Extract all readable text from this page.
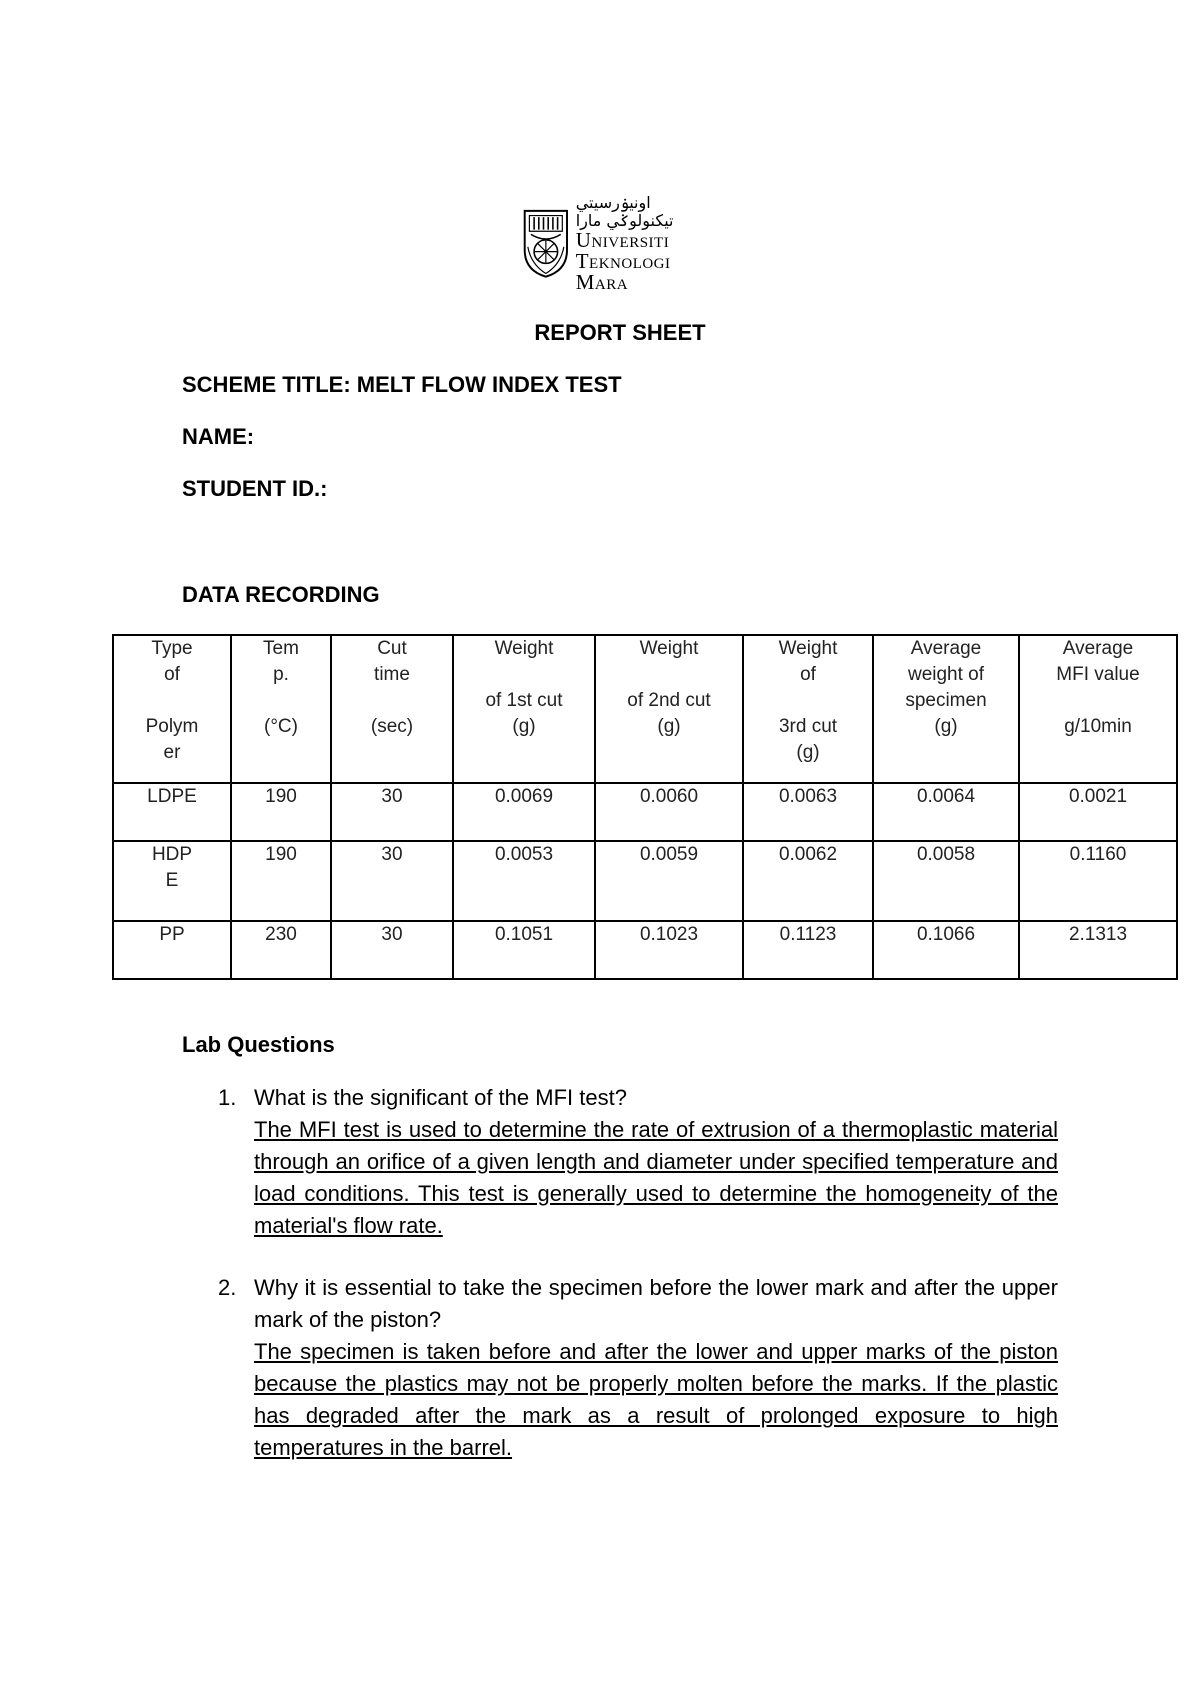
اونيۏرسيتي تيكنولوݢي مارا
Universiti
Teknologi
Mara
REPORT SHEET
SCHEME TITLE: MELT FLOW INDEX TEST
NAME:
STUDENT ID.:
DATA RECORDING
Type
of

Polym
er	Tem
p.

(°C)	Cut
time

(sec)	Weight

of 1st cut
(g)	Weight

of 2nd cut
(g)	Weight
of

3rd cut
(g)	Average
weight of
specimen
(g)	Average
MFI value

g/10min

LDPE	190	30	0.0069	0.0060	0.0063	0.0064	0.0021

HDP
E	190	30	0.0053	0.0059	0.0062	0.0058	0.1160

PP	230	30	0.1051	0.1023	0.1123	0.1066	2.1313
Lab Questions
1. What is the significant of the MFI test?
The MFI test is used to determine the rate of extrusion of a thermoplastic material through an orifice of a given length and diameter under specified temperature and load conditions. This test is generally used to determine the homogeneity of the material's flow rate.
2. Why it is essential to take the specimen before the lower mark and after the upper mark of the piston?
The specimen is taken before and after the lower and upper marks of the piston because the plastics may not be properly molten before the marks. If the plastic has degraded after the mark as a result of prolonged exposure to high temperatures in the barrel.
